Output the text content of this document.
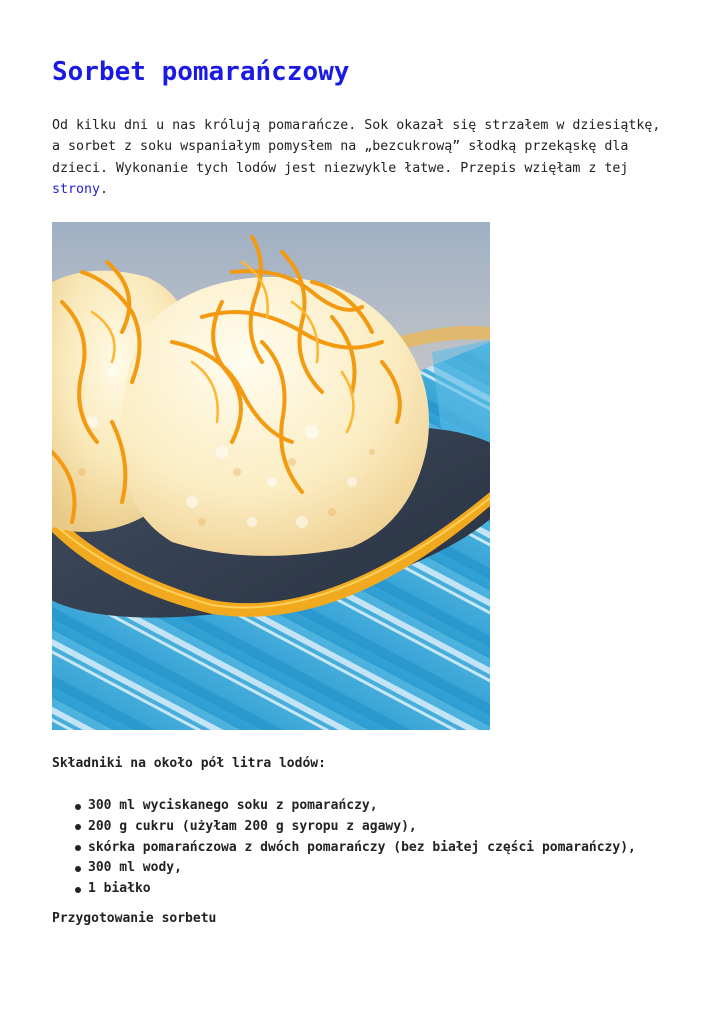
Sorbet pomarańczowy

Od kilku dni u nas królują pomarańcze. Sok okazał się strzałem w dziesiątkę, a sorbet z soku wspaniałym pomysłem na „bezcukrową” słodką przekąskę dla dzieci. Wykonanie tych lodów jest niezwykle łatwe. Przepis wzięłam z tej strony.

Składniki na około pół litra lodów:

300 ml wyciskanego soku z pomarańczy,
200 g cukru (użyłam 200 g syropu z agawy),
skórka pomarańczowa z dwóch pomarańczy (bez białej części pomarańczy),
300 ml wody,
1 białko

Przygotowanie sorbetu
